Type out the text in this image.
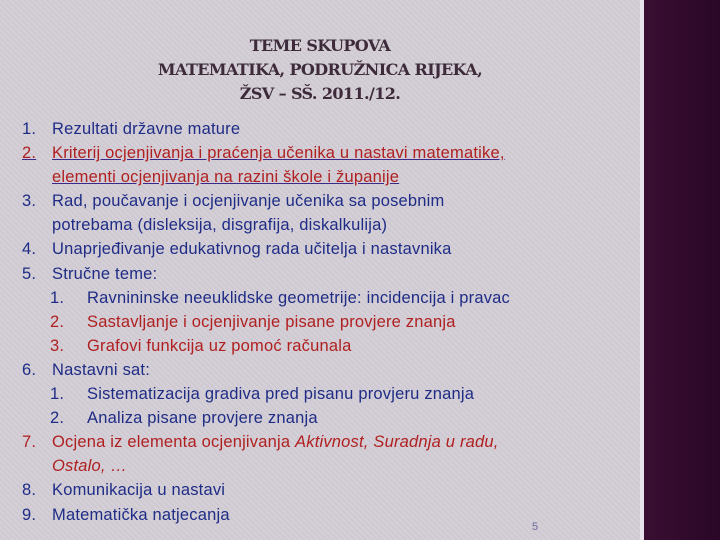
TEME SKUPOVA
MATEMATIKA, PODRUŽNICA RIJEKA,
ŽSV – SŠ. 2011./12.
1. Rezultati državne mature
2. Kriterij ocjenjivanja i praćenja učenika u nastavi matematike,
elementi ocjenjivanja na razini škole i županije
3. Rad, poučavanje i ocjenjivanje učenika sa posebnim
potrebama (disleksija, disgrafija, diskalkulija)
4. Unaprjeđivanje edukativnog rada učitelja i nastavnika
5. Stručne teme:
1.	Ravnininske neeuklidske geometrije: incidencija i pravac
2.	Sastavljanje i ocjenjivanje pisane provjere znanja
3.	Grafovi funkcija uz pomoć računala
6. Nastavni sat:
1.	Sistematizacija gradiva pred pisanu provjeru znanja
2.	Analiza pisane provjere znanja
7. Ocjena iz elementa ocjenjivanja Aktivnost, Suradnja u radu,
Ostalo, …
8. Komunikacija u nastavi
9. Matematička natjecanja
5
